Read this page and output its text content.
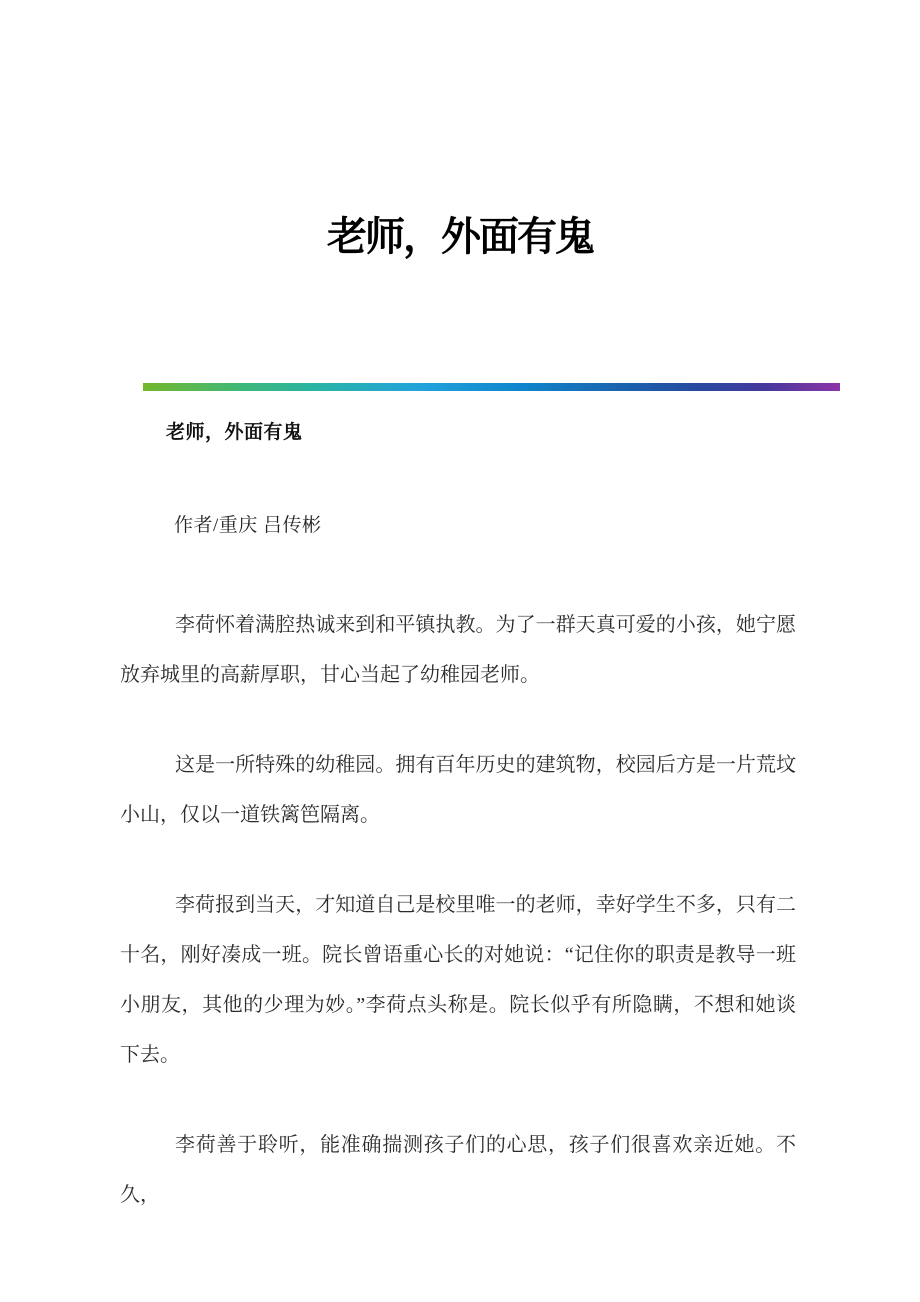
老师，外面有鬼
老师，外面有鬼
作者/重庆 吕传彬

李荷怀着满腔热诚来到和平镇执教。为了一群天真可爱的小孩，她宁愿放弃城里的高薪厚职，甘心当起了幼稚园老师。

这是一所特殊的幼稚园。拥有百年历史的建筑物，校园后方是一片荒坟小山，仅以一道铁篱笆隔离。

李荷报到当天，才知道自己是校里唯一的老师，幸好学生不多，只有二十名，刚好凑成一班。院长曾语重心长的对她说：“记住你的职责是教导一班小朋友，其他的少理为妙。”李荷点头称是。院长似乎有所隐瞒，不想和她谈下去。

李荷善于聆听，能准确揣测孩子们的心思，孩子们很喜欢亲近她。不久，
